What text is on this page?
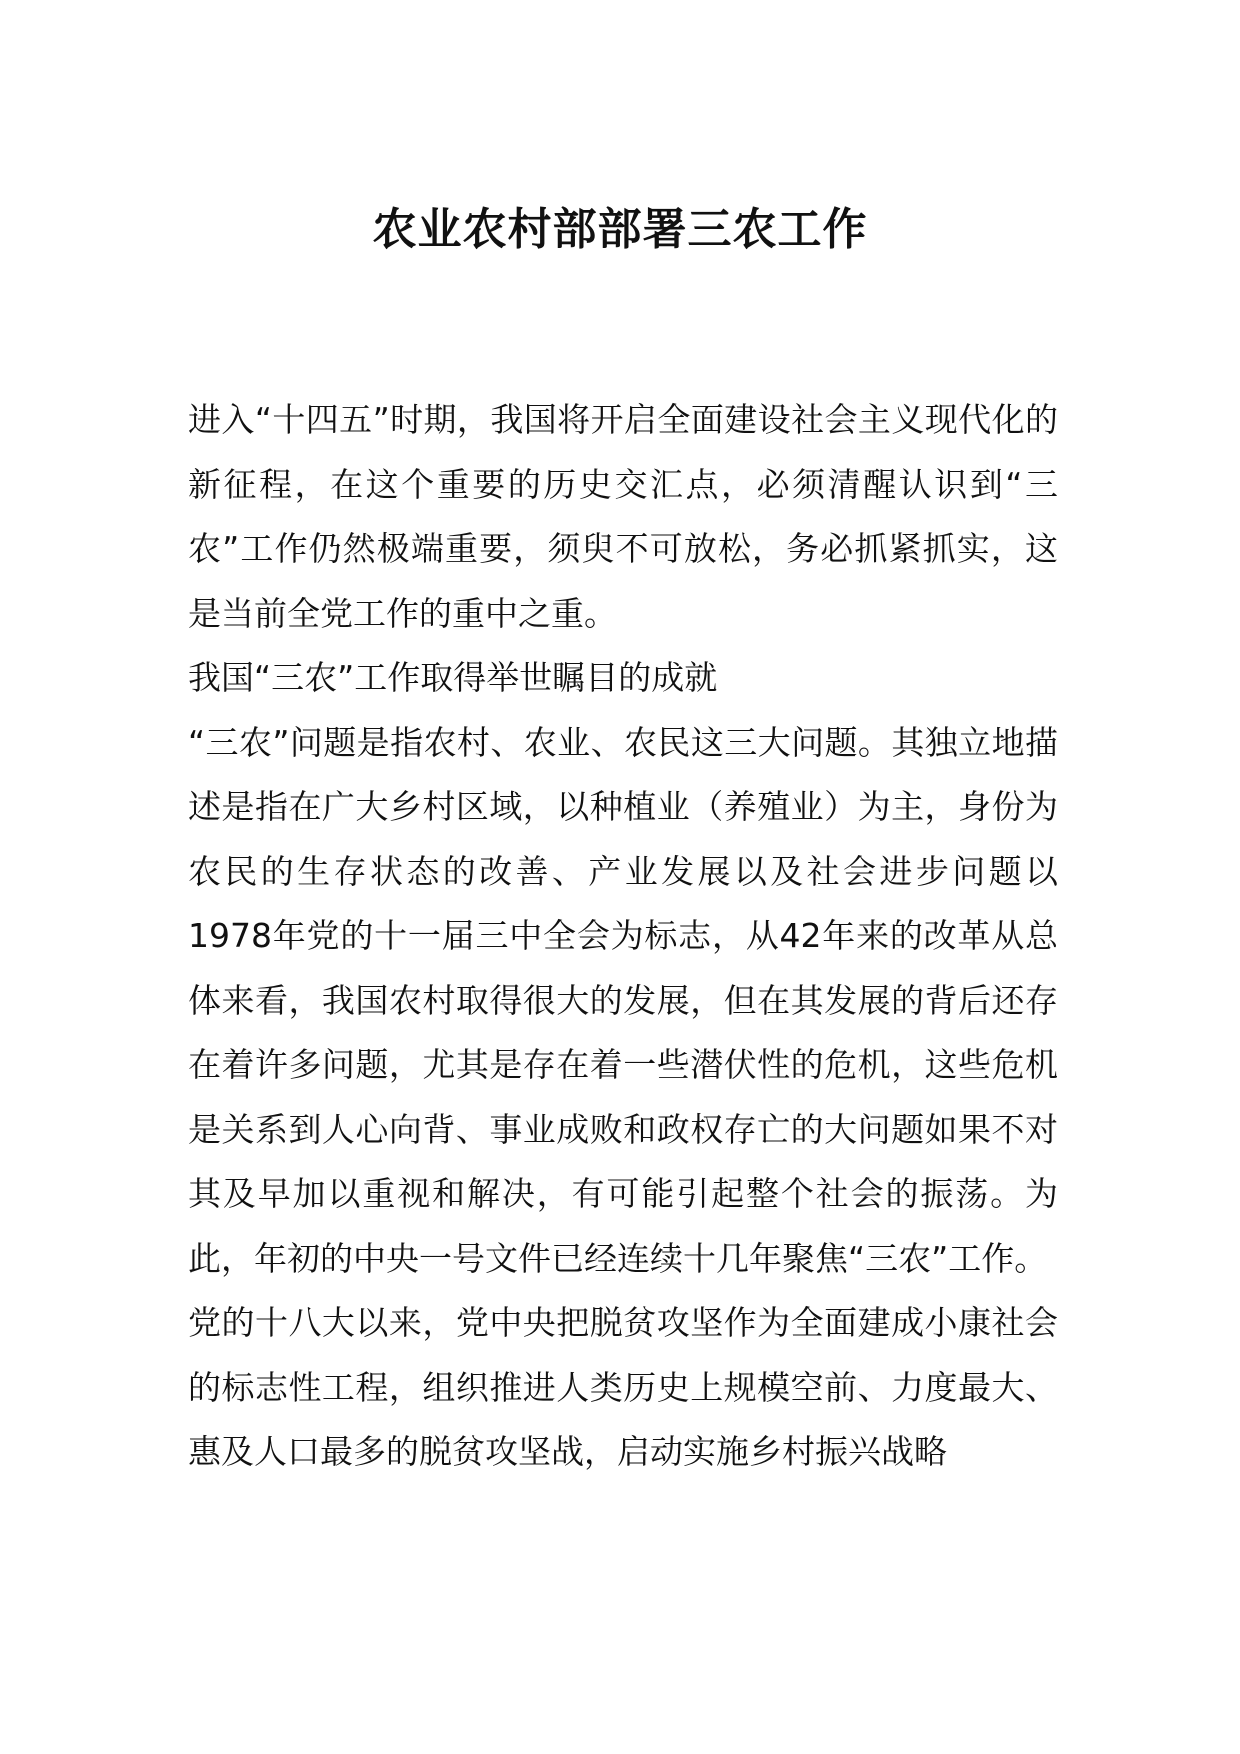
农业农村部部署三农工作

进入“十四五”时期，我国将开启全面建设社会主义现代化的新征程，在这个重要的历史交汇点，必须清醒认识到“三农”工作仍然极端重要，须臾不可放松，务必抓紧抓实，这是当前全党工作的重中之重。

我国“三农”工作取得举世瞩目的成就

“三农”问题是指农村、农业、农民这三大问题。其独立地描述是指在广大乡村区域，以种植业（养殖业）为主，身份为农民的生存状态的改善、产业发展以及社会进步问题以1978年党的十一届三中全会为标志，从42年来的改革从总体来看，我国农村取得很大的发展，但在其发展的背后还存在着许多问题，尤其是存在着一些潜伏性的危机，这些危机是关系到人心向背、事业成败和政权存亡的大问题如果不对其及早加以重视和解决，有可能引起整个社会的振荡。为此，年初的中央一号文件已经连续十几年聚焦“三农”工作。

党的十八大以来，党中央把脱贫攻坚作为全面建成小康社会的标志性工程，组织推进人类历史上规模空前、力度最大、惠及人口最多的脱贫攻坚战，启动实施乡村振兴战略
